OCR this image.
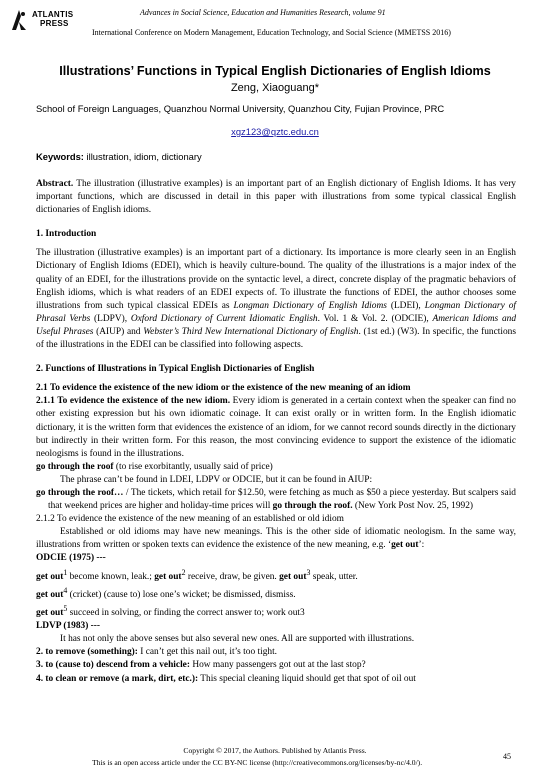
ATLANTIS
PRESS
Advances in Social Science, Education and Humanities Research, volume 91
International Conference on Modern Management, Education Technology, and Social Science (MMETSS 2016)
Illustrations’ Functions in Typical English Dictionaries of English Idioms
Zeng, Xiaoguang*
School of Foreign Languages, Quanzhou Normal University, Quanzhou City, Fujian Province, PRC
xgz123@qztc.edu.cn
Keywords: illustration, idiom, dictionary

Abstract. The illustration (illustrative examples) is an important part of an English dictionary of English Idioms. It has very important functions, which are discussed in detail in this paper with illustrations from some typical classical English dictionaries of English idioms.

1. Introduction

The illustration (illustrative examples) is an important part of a dictionary. Its importance is more clearly seen in an English Dictionary of English Idioms (EDEI), which is heavily culture-bound. The quality of the illustrations is a major index of the quality of an EDEI, for the illustrations provide on the syntactic level, a direct, concrete display of the pragmatic behaviors of English idioms, which is what readers of an EDEI expects of. To illustrate the functions of EDEI, the author chooses some illustrations from such typical classical EDEIs as Longman Dictionary of English Idioms (LDEI), Longman Dictionary of Phrasal Verbs (LDPV), Oxford Dictionary of Current Idiomatic English. Vol. 1 & Vol. 2. (ODCIE), American Idioms and Useful Phrases (AIUP) and Webster’s Third New International Dictionary of English. (1st ed.) (W3). In specific, the functions of the illustrations in the EDEI can be classified into following aspects.

2. Functions of Illustrations in Typical English Dictionaries of English

2.1 To evidence the existence of the new idiom or the existence of the new meaning of an idiom

2.1.1 To evidence the existence of the new idiom. Every idiom is generated in a certain context when the speaker can find no other existing expression but his own idiomatic coinage. It can exist orally or in written form. In the English idiomatic dictionary, it is the written form that evidences the existence of an idiom, for we cannot record sounds directly in the dictionary but indirectly in their written form. For this reason, the most convincing evidence to support the existence of the idiomatic neologisms is found in the illustrations.

go through the roof (to rise exorbitantly, usually said of price)

The phrase can’t be found in LDEI, LDPV or ODCIE, but it can be found in AIUP:

go through the roof… / The tickets, which retail for $12.50, were fetching as much as $50 a piece yesterday. But scalpers said that weekend prices are higher and holiday-time prices will go through the roof. (New York Post Nov. 25, 1992)

2.1.2 To evidence the existence of the new meaning of an established or old idiom

Established or old idioms may have new meanings. This is the other side of idiomatic neologism. In the same way, illustrations from written or spoken texts can evidence the existence of the new meaning, e.g. ‘get out’:

ODCIE (1975) ---

get out$^1$ become known, leak.; get out$^2$ receive, draw, be given. get out$^3$ speak, utter.

get out$^4$ (cricket) (cause to) lose one’s wicket; be dismissed, dismiss.

get out$^5$ succeed in solving, or finding the correct answer to; work out3

LDVP (1983) ---

It has not only the above senses but also several new ones. All are supported with illustrations.

2. to remove (something): I can’t get this nail out, it’s too tight.

3. to (cause to) descend from a vehicle: How many passengers got out at the last stop?

4. to clean or remove (a mark, dirt, etc.): This special cleaning liquid should get that spot of oil out

Copyright © 2017, the Authors. Published by Atlantis Press.
This is an open access article under the CC BY-NC license (http://creativecommons.org/licenses/by-nc/4.0/).
45
